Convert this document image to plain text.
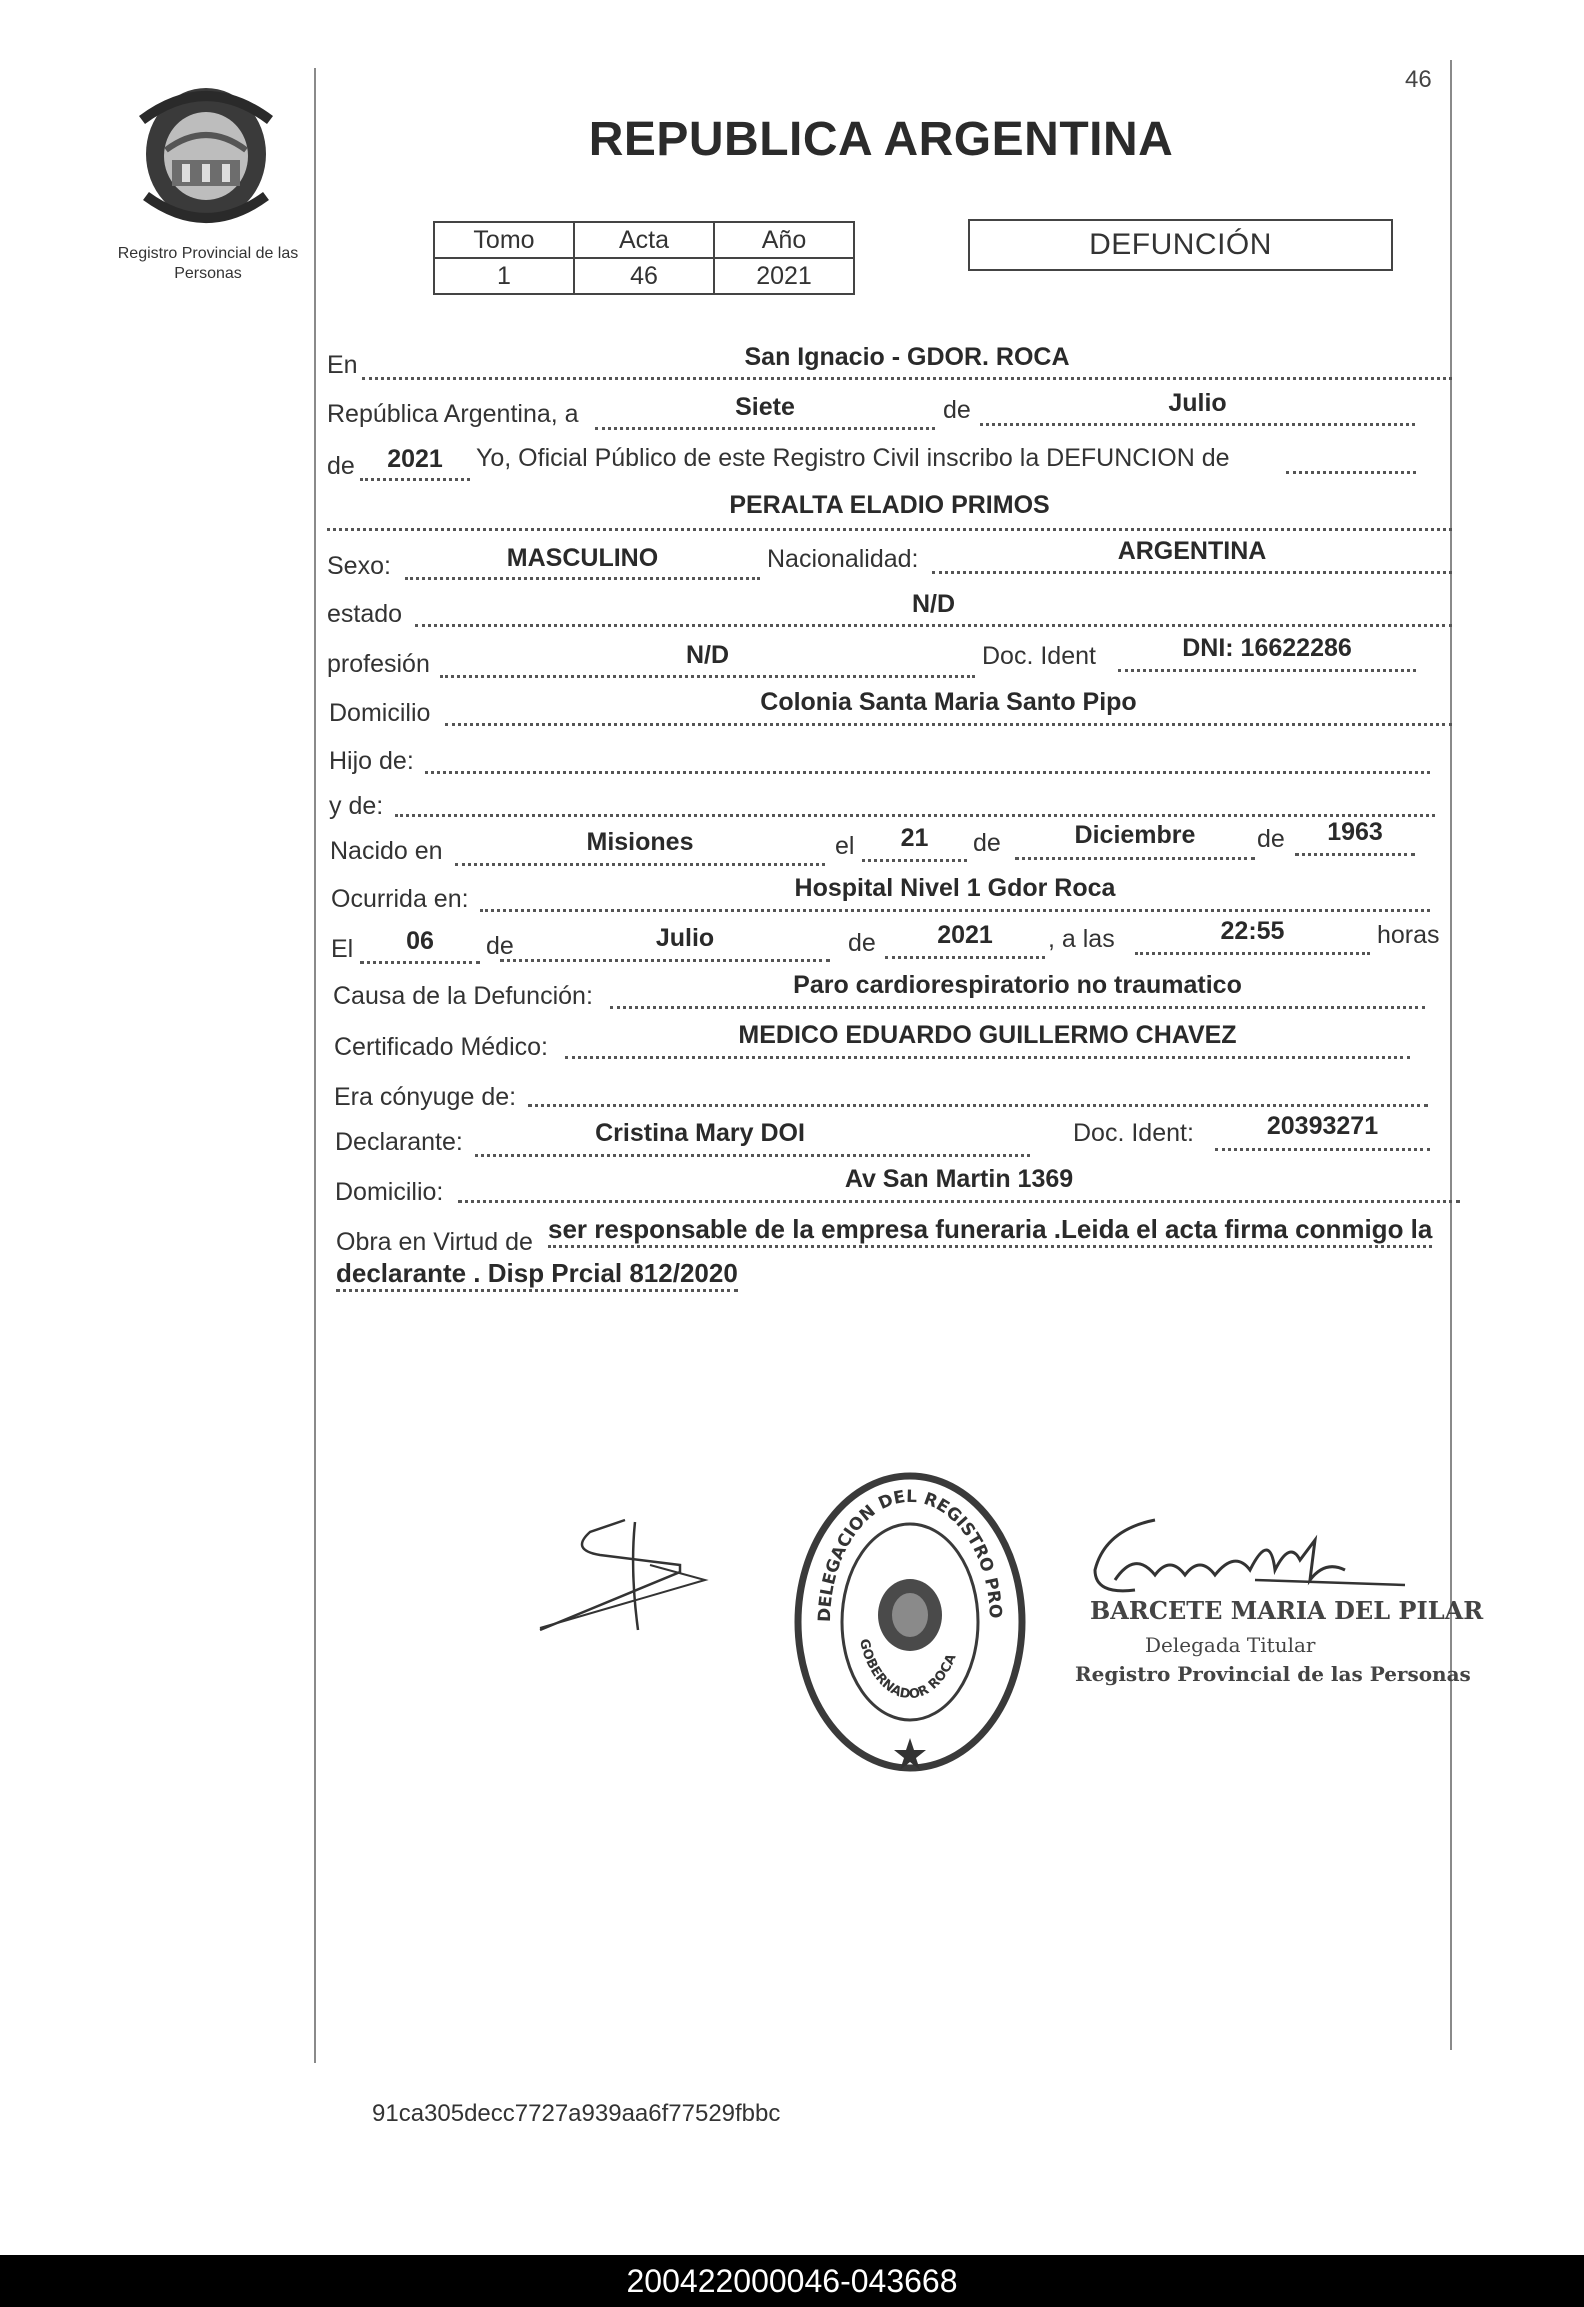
Registro Provincial de las Personas
46
REPUBLICA ARGENTINA
Tomo	Acta	Año
1	46	2021
DEFUNCIÓN
En	San Ignacio - GDOR. ROCA
República Argentina, a	Siete	de	Julio
de	2021	Yo, Oficial Público de este Registro Civil inscribo la DEFUNCION de
PERALTA ELADIO PRIMOS
Sexo:	MASCULINO	Nacionalidad:	ARGENTINA
estado	N/D
profesión	N/D	Doc. Ident	DNI: 16622286
Domicilio	Colonia Santa Maria Santo Pipo
Hijo de:
y de:
Nacido en	Misiones	el	21	de	Diciembre	de	1963
Ocurrida en:	Hospital Nivel 1 Gdor Roca
El	06	de	Julio	de	2021	, a las	22:55	horas
Causa de la Defunción:	Paro cardiorespiratorio no traumatico
Certificado Médico:	MEDICO EDUARDO GUILLERMO CHAVEZ
Era cónyuge de:
Declarante:	Cristina Mary DOI	Doc. Ident:	20393271
Domicilio:	Av San Martin 1369
Obra en Virtud de ser responsable de la empresa funeraria .Leida el acta firma conmigo la
declarante . Disp Prcial 812/2020
DELEGACION DEL REGISTRO PRO
GOBERNADOR ROCA
BARCETE MARIA DEL PILAR
Delegada Titular
Registro Provincial de las Personas
91ca305decc7727a939aa6f77529fbbc
200422000046-043668
